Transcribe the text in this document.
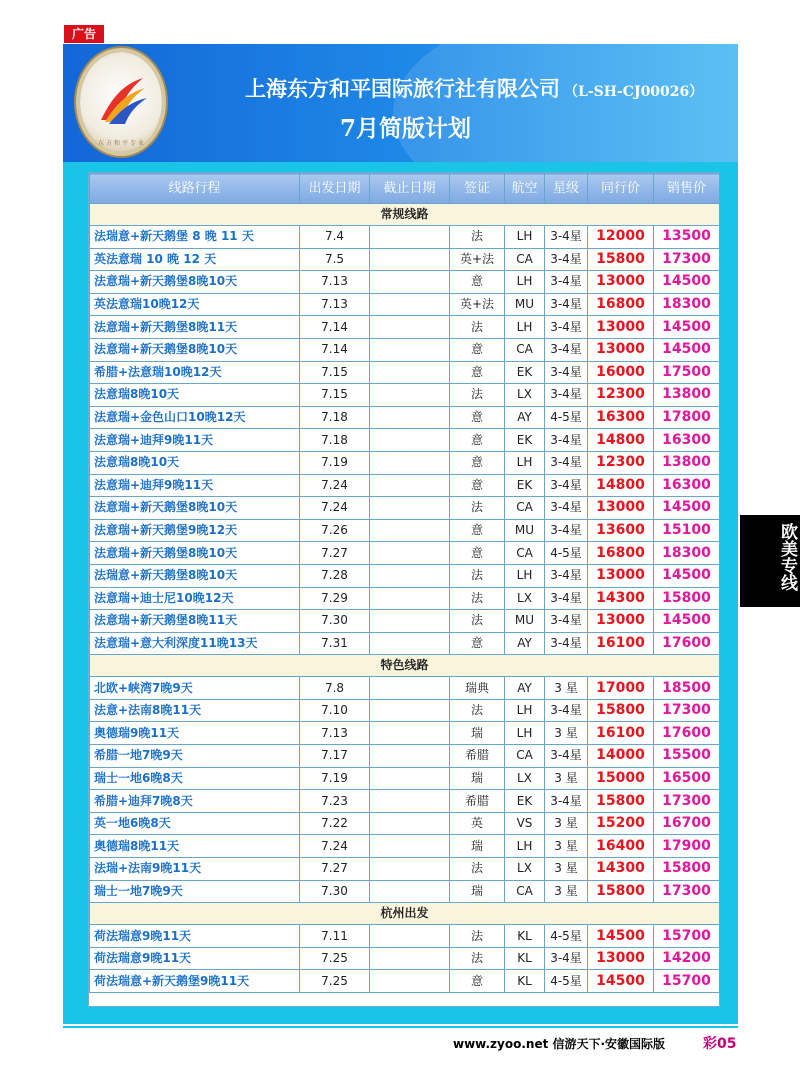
广告
东方和平专业
上海东方和平国际旅行社有限公司 （L-SH-CJ00026）
7月简版计划
线路行程	出发日期	截止日期	签证	航空	星级	同行价	销售价
常规线路							
法瑞意+新天鹅堡 8 晚 11 天	7.4		法	LH	3-4星	12000	13500
英法意瑞 10 晚 12 天	7.5		英+法	CA	3-4星	15800	17300
法意瑞+新天鹅堡8晚10天	7.13		意	LH	3-4星	13000	14500
英法意瑞10晚12天	7.13		英+法	MU	3-4星	16800	18300
法意瑞+新天鹅堡8晚11天	7.14		法	LH	3-4星	13000	14500
法意瑞+新天鹅堡8晚10天	7.14		意	CA	3-4星	13000	14500
希腊+法意瑞10晚12天	7.15		意	EK	3-4星	16000	17500
法意瑞8晚10天	7.15		法	LX	3-4星	12300	13800
法意瑞+金色山口10晚12天	7.18		意	AY	4-5星	16300	17800
法意瑞+迪拜9晚11天	7.18		意	EK	3-4星	14800	16300
法意瑞8晚10天	7.19		意	LH	3-4星	12300	13800
法意瑞+迪拜9晚11天	7.24		意	EK	3-4星	14800	16300
法意瑞+新天鹅堡8晚10天	7.24		法	CA	3-4星	13000	14500
法意瑞+新天鹅堡9晚12天	7.26		意	MU	3-4星	13600	15100
法意瑞+新天鹅堡8晚10天	7.27		意	CA	4-5星	16800	18300
法瑞意+新天鹅堡8晚10天	7.28		法	LH	3-4星	13000	14500
法意瑞+迪士尼10晚12天	7.29		法	LX	3-4星	14300	15800
法意瑞+新天鹅堡8晚11天	7.30		法	MU	3-4星	13000	14500
法意瑞+意大利深度11晚13天	7.31		意	AY	3-4星	16100	17600
特色线路							
北欧+峡湾7晚9天	7.8		瑞典	AY	3 星	17000	18500
法意+法南8晚11天	7.10		法	LH	3-4星	15800	17300
奥德瑞9晚11天	7.13		瑞	LH	3 星	16100	17600
希腊一地7晚9天	7.17		希腊	CA	3-4星	14000	15500
瑞士一地6晚8天	7.19		瑞	LX	3 星	15000	16500
希腊+迪拜7晚8天	7.23		希腊	EK	3-4星	15800	17300
英一地6晚8天	7.22		英	VS	3 星	15200	16700
奥德瑞8晚11天	7.24		瑞	LH	3 星	16400	17900
法瑞+法南9晚11天	7.27		法	LX	3 星	14300	15800
瑞士一地7晚9天	7.30		瑞	CA	3 星	15800	17300
杭州出发							
荷法瑞意9晚11天	7.11		法	KL	4-5星	14500	15700
荷法瑞意9晚11天	7.25		法	KL	3-4星	13000	14200
荷法瑞意+新天鹅堡9晚11天	7.25		意	KL	4-5星	14500	15700
欧美专线
www.zyoo.net 信游天下·安徽国际版	彩05
